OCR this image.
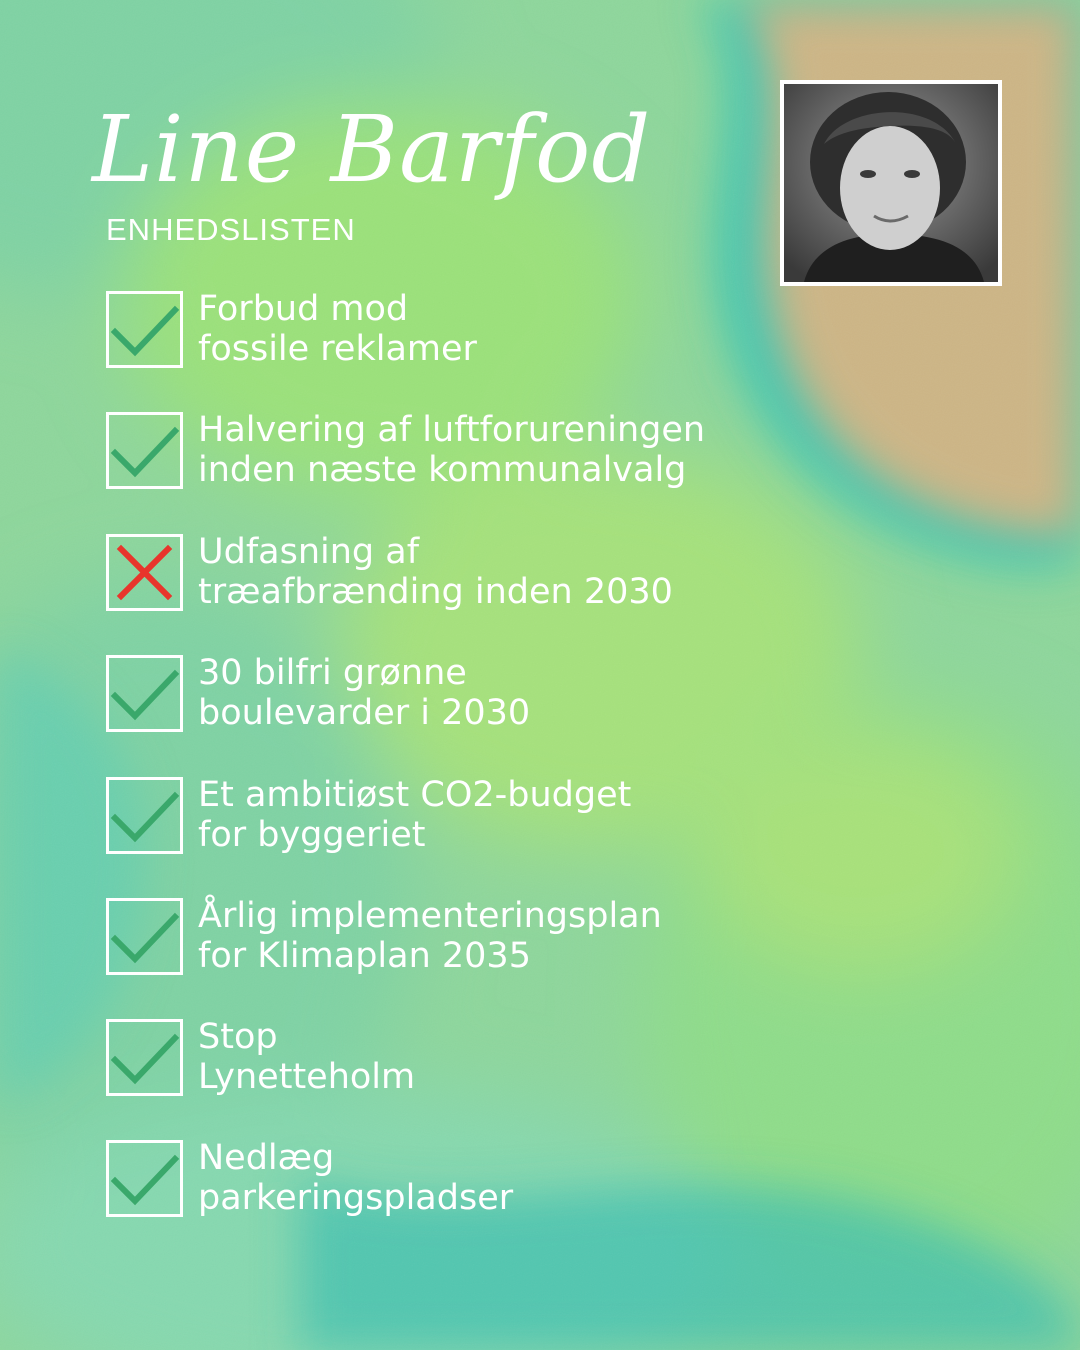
Line Barfod
ENHEDSLISTEN
Forbud mod
fossile reklamer
Halvering af luftforureningen
inden næste kommunalvalg
Udfasning af
træafbrænding inden 2030
30 bilfri grønne
boulevarder i 2030
Et ambitiøst CO2-budget
for byggeriet
Årlig implementeringsplan
for Klimaplan 2035
Stop
Lynetteholm
Nedlæg
parkeringspladser
